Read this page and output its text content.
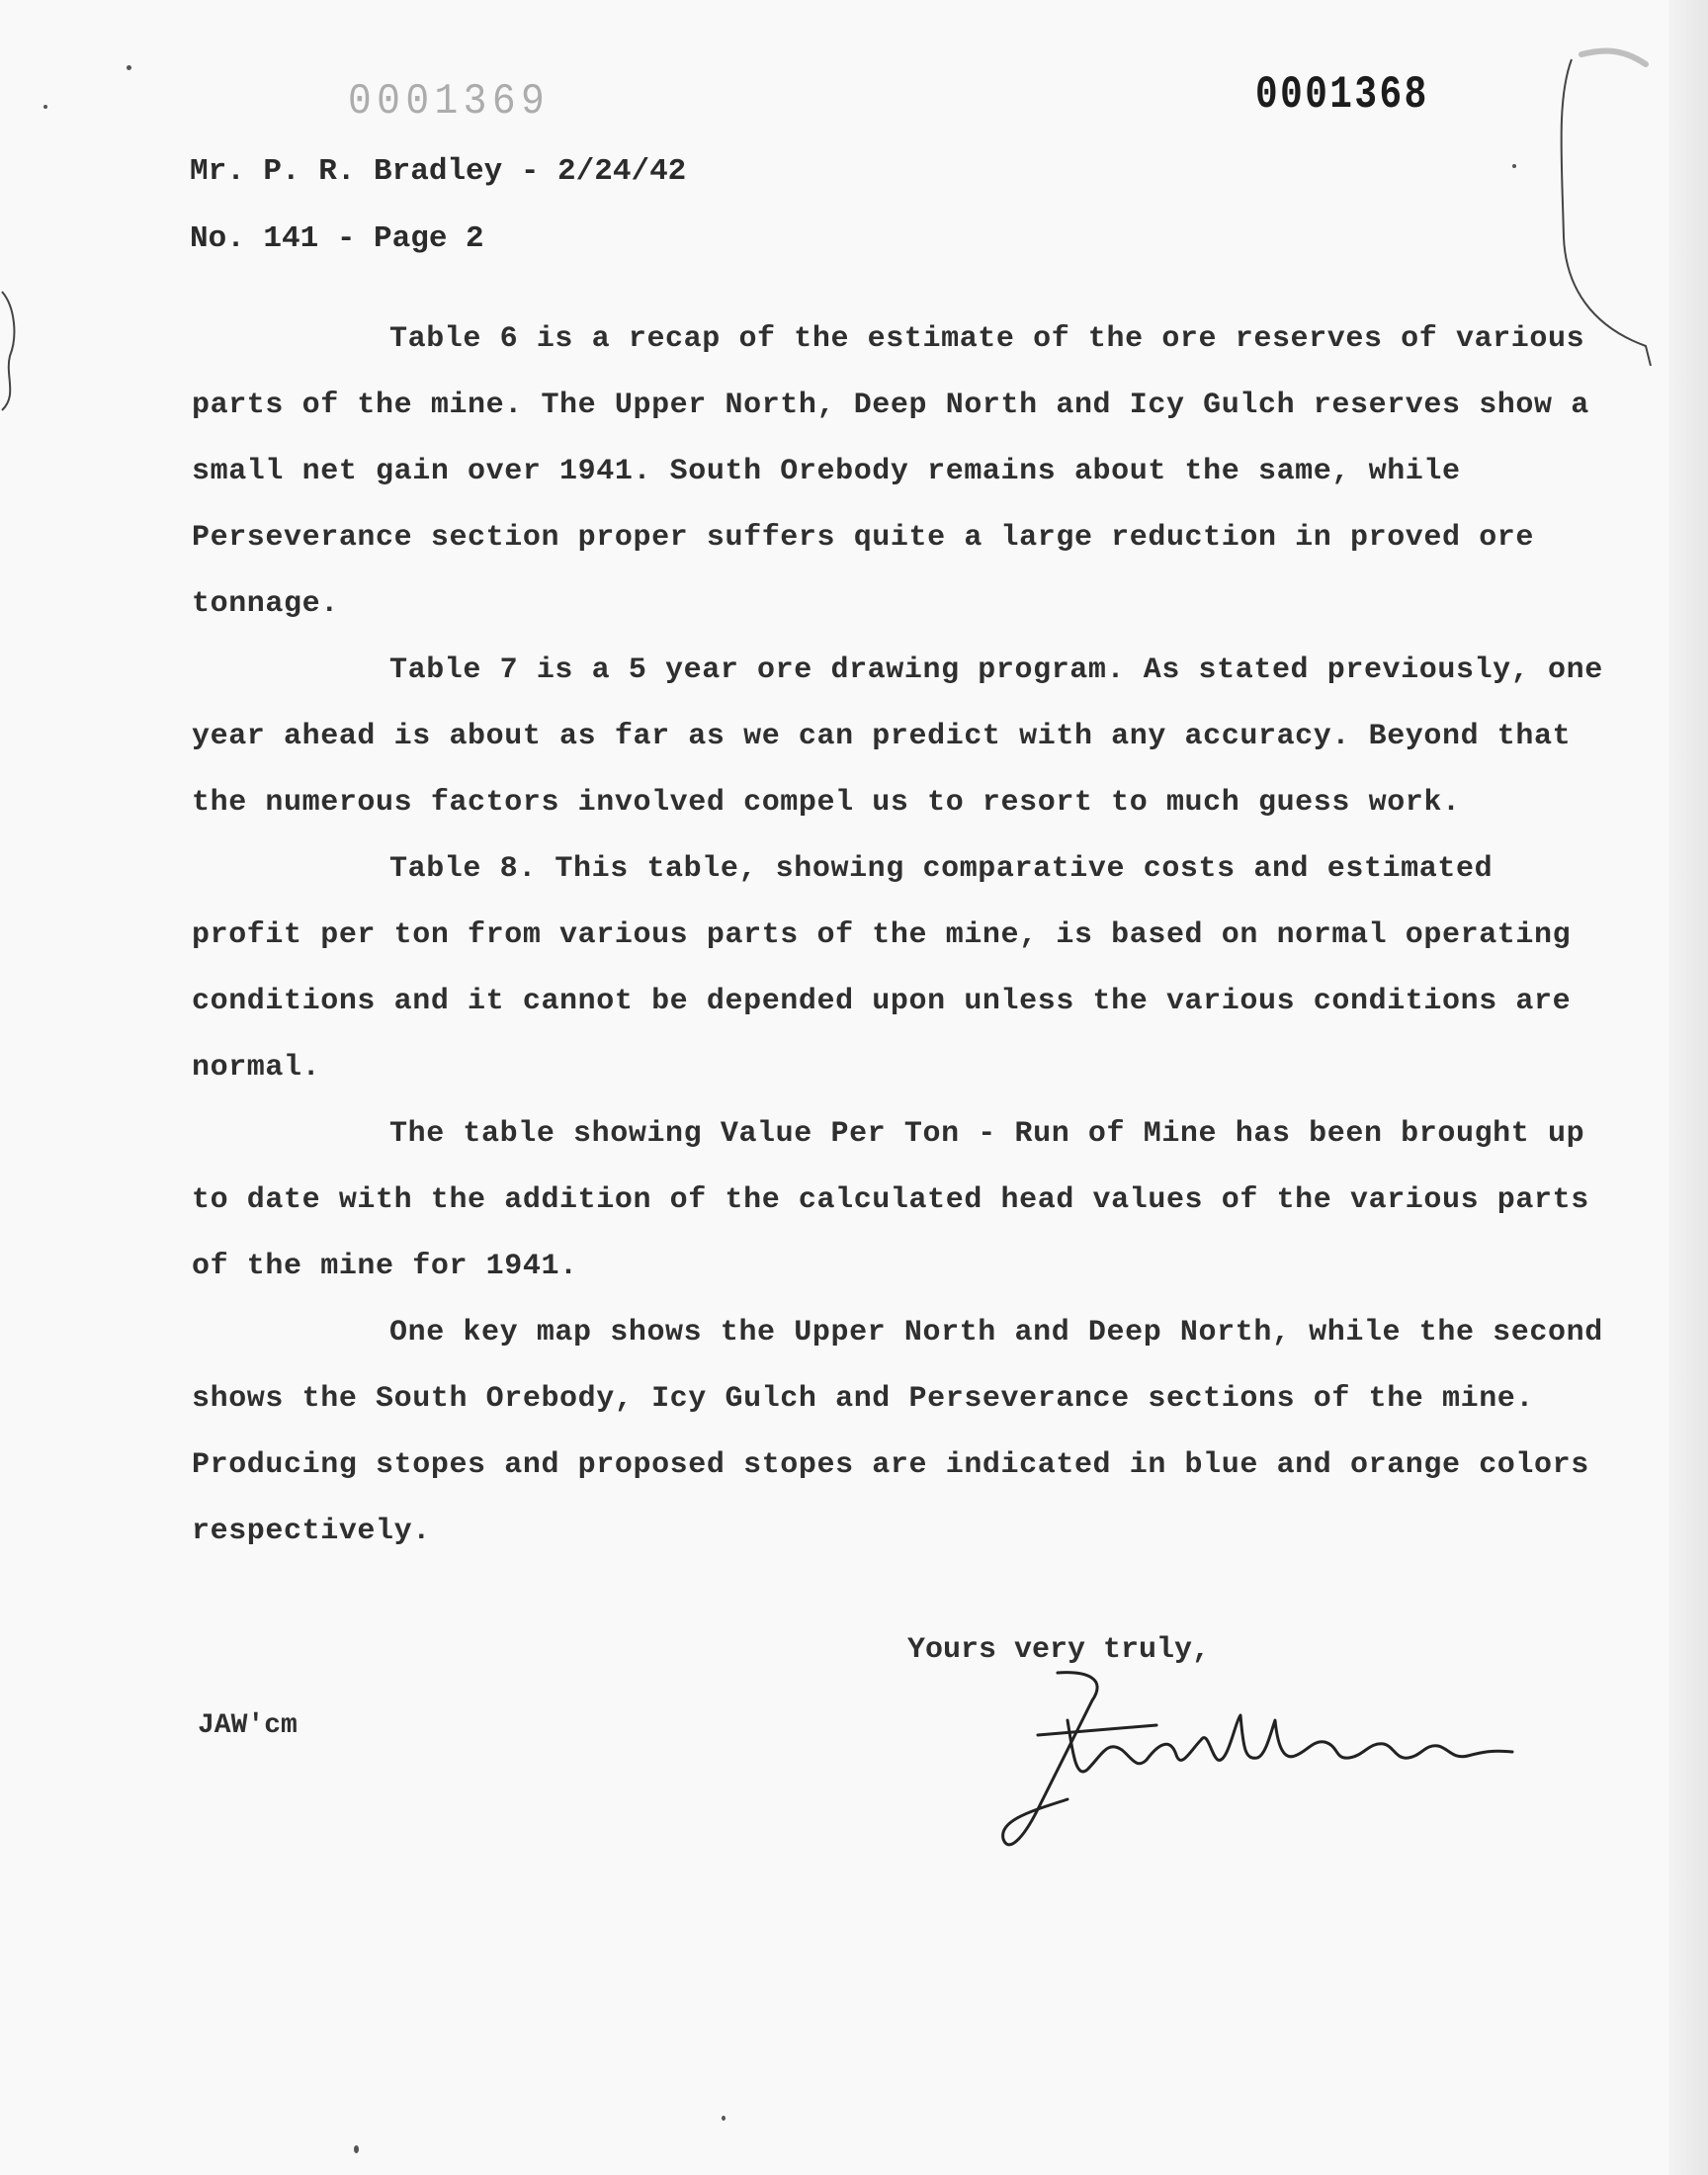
0001369	0001368
Mr. P. R. Bradley - 2/24/42
No. 141 - Page 2

Table 6 is a recap of the estimate of the ore reserves of various parts of the mine. The Upper North, Deep North and Icy Gulch reserves show a small net gain over 1941. South Orebody remains about the same, while Perseverance section proper suffers quite a large reduction in proved ore tonnage.

Table 7 is a 5 year ore drawing program. As stated previously, one year ahead is about as far as we can predict with any accuracy. Beyond that the numerous factors involved compel us to resort to much guess work.

Table 8. This table, showing comparative costs and estimated profit per ton from various parts of the mine, is based on normal operating conditions and it cannot be depended upon unless the various conditions are normal.

The table showing Value Per Ton - Run of Mine has been brought up to date with the addition of the calculated head values of the various parts of the mine for 1941.

One key map shows the Upper North and Deep North, while the second shows the South Orebody, Icy Gulch and Perseverance sections of the mine. Producing stopes and proposed stopes are indicated in blue and orange colors respectively.

Yours very truly,
JAW'cm
